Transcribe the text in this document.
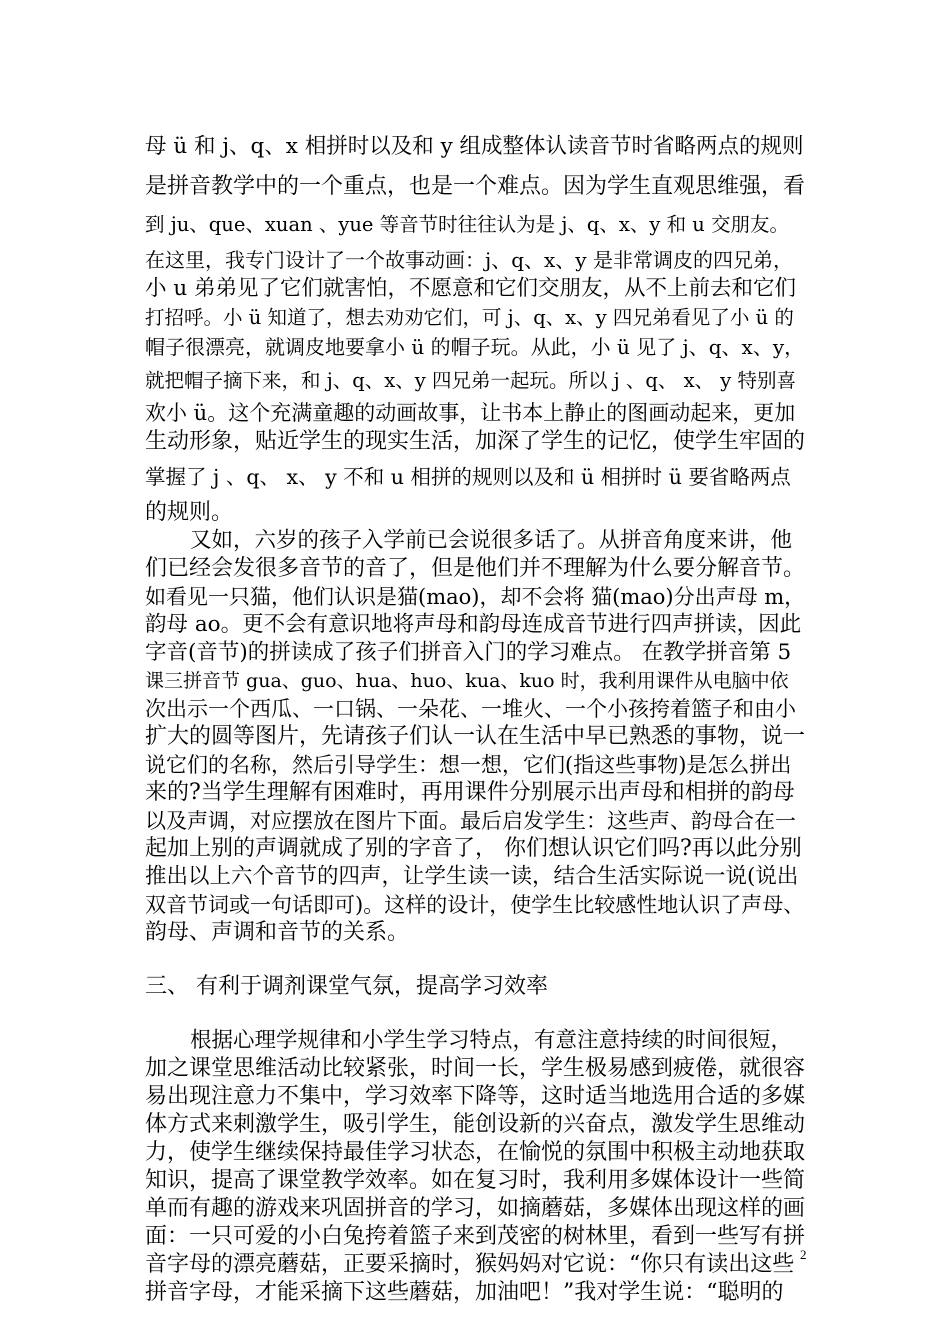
母 ü 和 j、q、x 相拼时以及和 y 组成整体认读音节时省略两点的规则
是拼音教学中的一个重点，也是一个难点。因为学生直观思维强，看
到 ju、que、xuan 、yue 等音节时往往认为是 j、q、x、y 和 u 交朋友。
在这里，我专门设计了一个故事动画：j、q、x、y 是非常调皮的四兄弟，
小 u 弟弟见了它们就害怕，不愿意和它们交朋友，从不上前去和它们
打招呼。小 ü 知道了，想去劝劝它们，可 j、q、x、y 四兄弟看见了小 ü 的
帽子很漂亮，就调皮地要拿小 ü 的帽子玩。从此，小 ü 见了 j、q、x、y，
就把帽子摘下来，和 j、q、x、y 四兄弟一起玩。所以 j 、q、 x、 y 特别喜
欢小 ü。这个充满童趣的动画故事，让书本上静止的图画动起来，更加
生动形象，贴近学生的现实生活，加深了学生的记忆，使学生牢固的
掌握了 j 、q、 x、 y 不和 u 相拼的规则以及和 ü 相拼时 ü 要省略两点
的规则。
又如，六岁的孩子入学前已会说很多话了。从拼音角度来讲，他
们已经会发很多音节的音了，但是他们并不理解为什么要分解音节。
如看见一只猫，他们认识是猫(mao)，却不会将 猫(mao)分出声母 m，
韵母 ao。更不会有意识地将声母和韵母连成音节进行四声拼读，因此
字音(音节)的拼读成了孩子们拼音入门的学习难点。 在教学拼音第 5
课三拼音节 gua、guo、hua、huo、kua、kuo 时，我利用课件从电脑中依
次出示一个西瓜、一口锅、一朵花、一堆火、一个小孩挎着篮子和由小
扩大的圆等图片，先请孩子们认一认在生活中早已熟悉的事物，说一
说它们的名称，然后引导学生：想一想，它们(指这些事物)是怎么拼出
来的?当学生理解有困难时，再用课件分别展示出声母和相拼的韵母
以及声调，对应摆放在图片下面。最后启发学生：这些声、韵母合在一
起加上别的声调就成了别的字音了， 你们想认识它们吗?再以此分别
推出以上六个音节的四声，让学生读一读，结合生活实际说一说(说出
双音节词或一句话即可)。这样的设计，使学生比较感性地认识了声母、
韵母、声调和音节的关系。
三、 有利于调剂课堂气氛，提高学习效率
根据心理学规律和小学生学习特点，有意注意持续的时间很短，
加之课堂思维活动比较紧张，时间一长，学生极易感到疲倦，就很容
易出现注意力不集中，学习效率下降等，这时适当地选用合适的多媒
体方式来刺激学生，吸引学生，能创设新的兴奋点，激发学生思维动
力，使学生继续保持最佳学习状态，在愉悦的氛围中积极主动地获取
知识，提高了课堂教学效率。如在复习时，我利用多媒体设计一些简
单而有趣的游戏来巩固拼音的学习，如摘蘑菇，多媒体出现这样的画
面：一只可爱的小白兔挎着篮子来到茂密的树林里，看到一些写有拼
音字母的漂亮蘑菇，正要采摘时，猴妈妈对它说：“你只有读出这些
拼音字母，才能采摘下这些蘑菇，加油吧！”我对学生说：“聪明的
2
